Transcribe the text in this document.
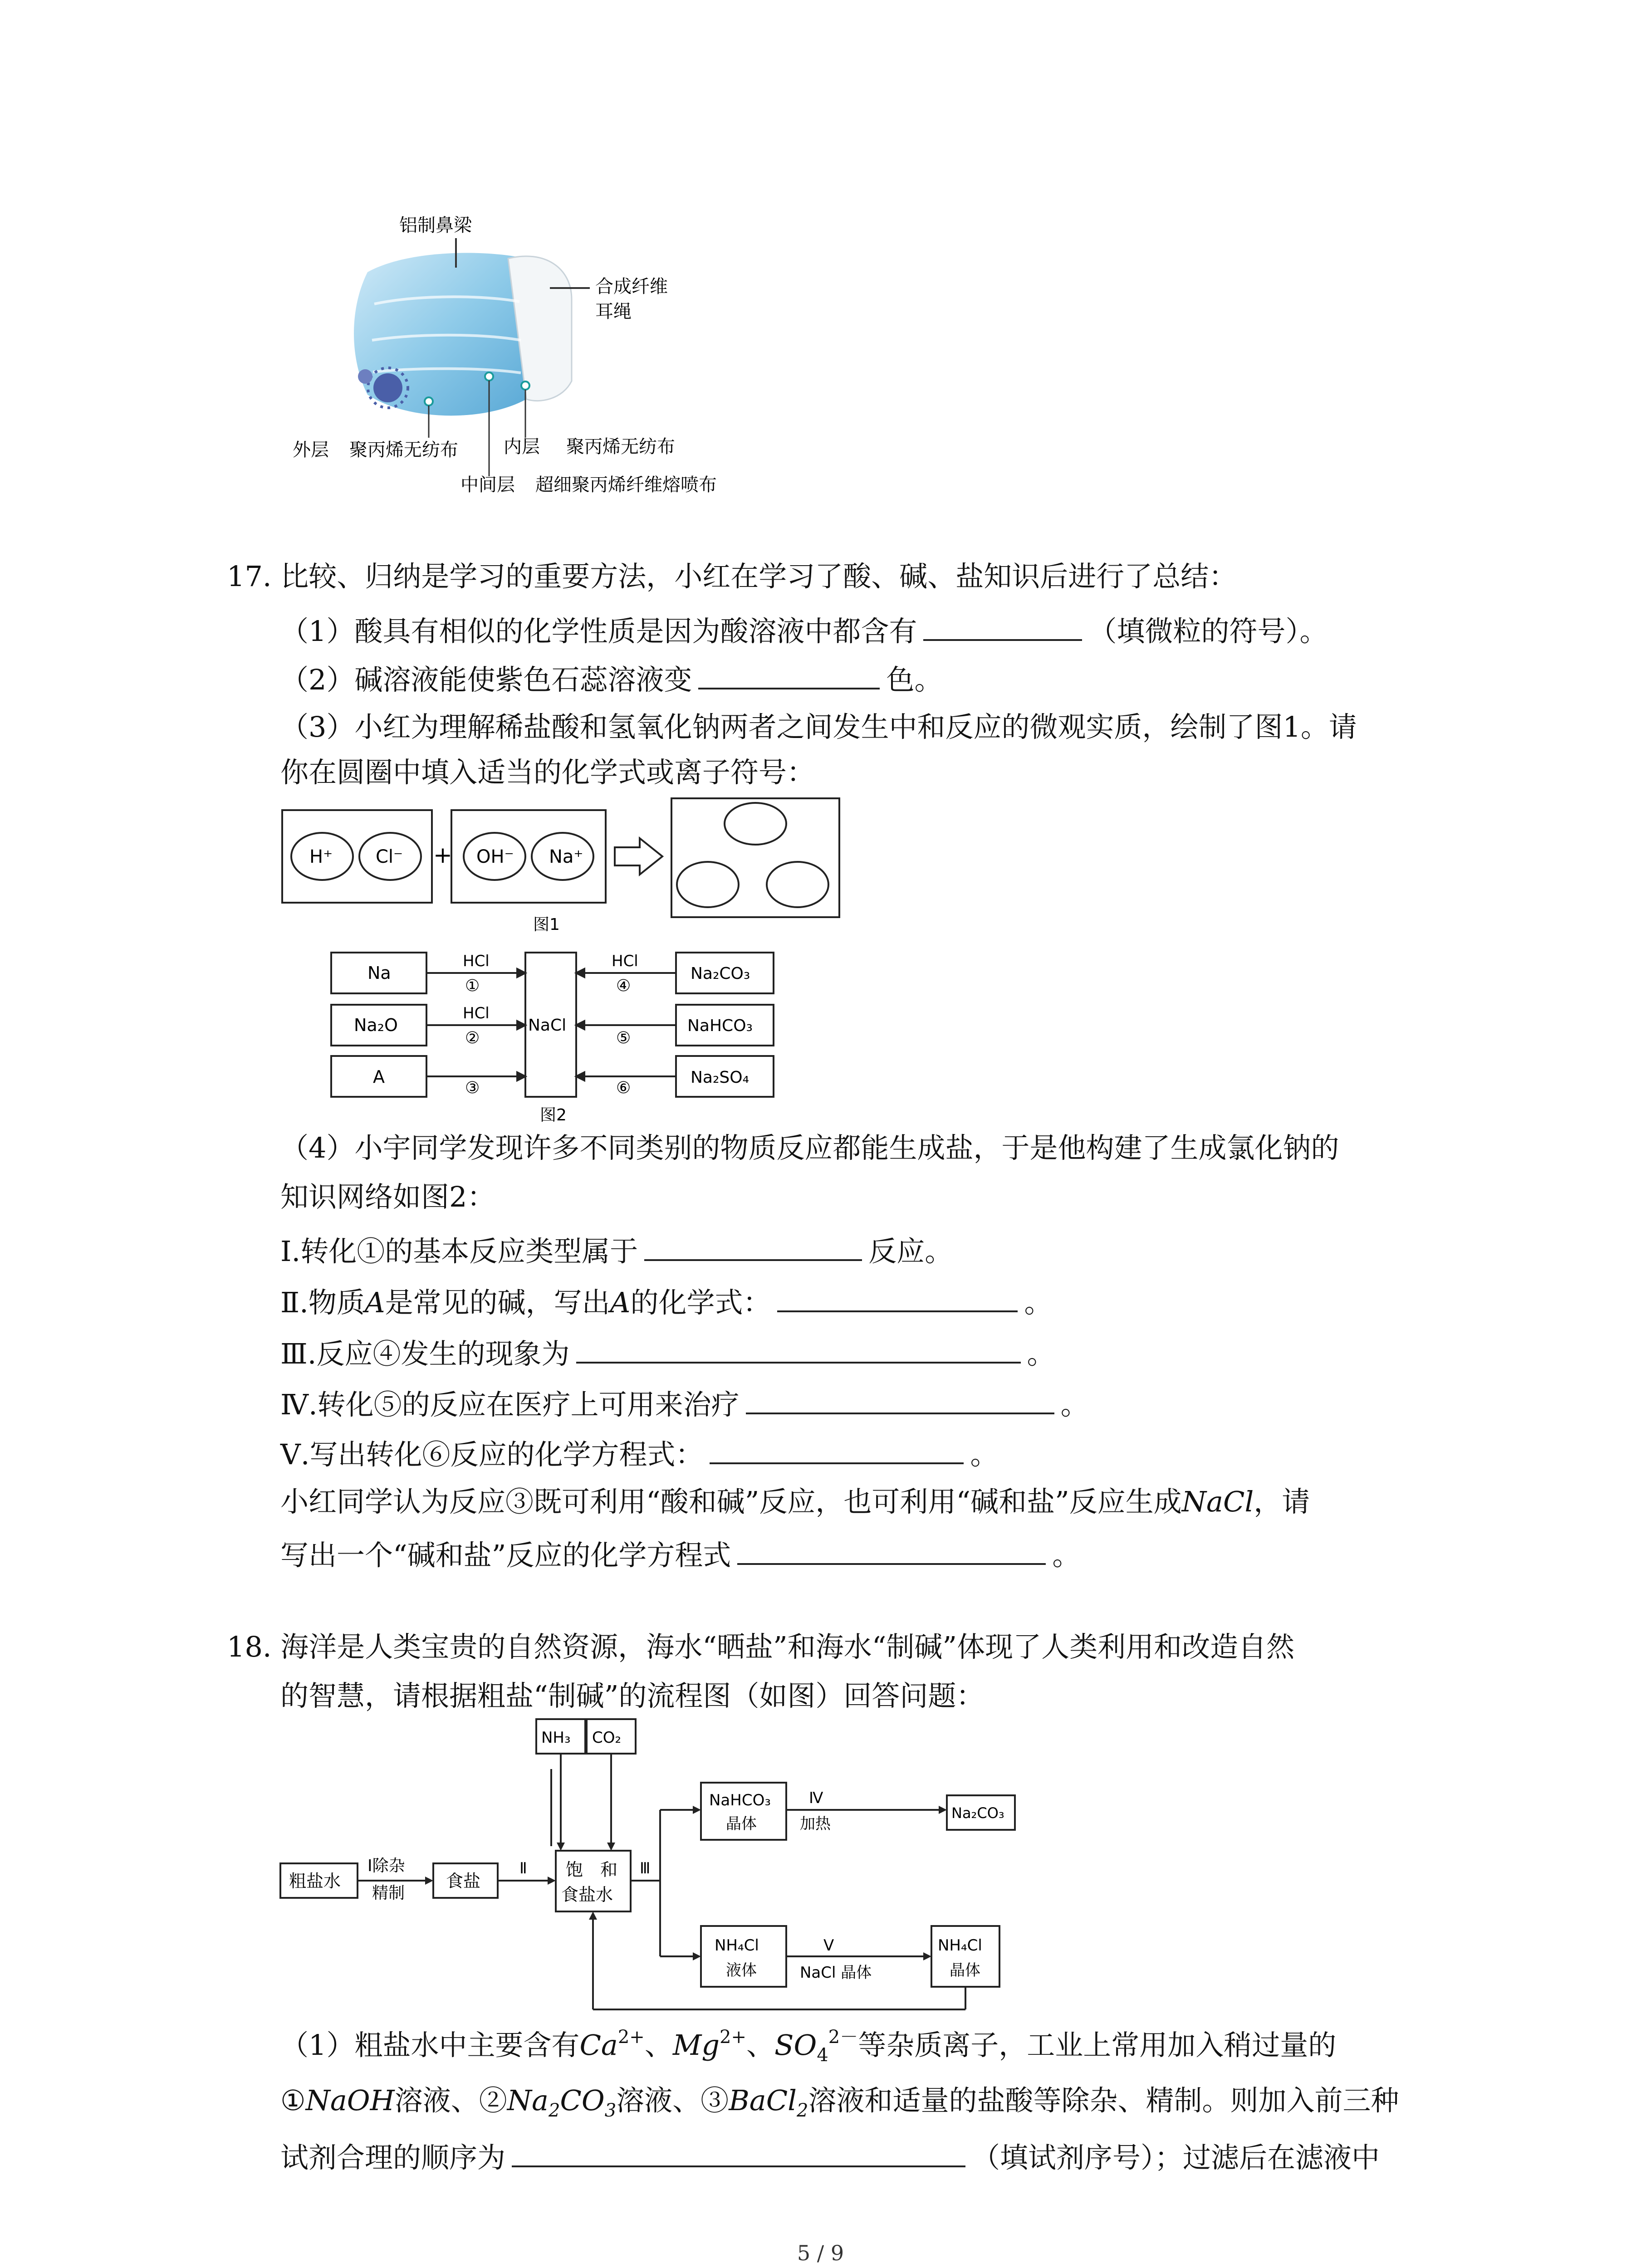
铝制鼻梁
合成纤维
耳绳
外层 聚丙烯无纺布	内层 聚丙烯无纺布
中间层 超细聚丙烯纤维熔喷布
17. 比较、归纳是学习的重要方法，小红在学习了酸、碱、盐知识后进行了总结：
（1）酸具有相似的化学性质是因为酸溶液中都含有	（填微粒的符号）。
（2）碱溶液能使紫色石蕊溶液变	色。
（3）小红为理解稀盐酸和氢氧化钠两者之间发生中和反应的微观实质，绘制了图1。请
你在圆圈中填入适当的化学式或离子符号：
H⁺ Cl⁻ + OH⁻ Na⁺
图1
Na
Na₂O
A
NaCl
Na₂CO₃
NaHCO₃
Na₂SO₄
HCl
①
HCl
②
③
HCl
④
⑤
⑥
图2
（4）小宇同学发现许多不同类别的物质反应都能生成盐，于是他构建了生成氯化钠的
知识网络如图2：
Ⅰ.转化①的基本反应类型属于	反应。
Ⅱ.物质A是常见的碱，写出A的化学式：	。
Ⅲ.反应④发生的现象为	。
Ⅳ.转化⑤的反应在医疗上可用来治疗	。
Ⅴ.写出转化⑥反应的化学方程式：	。
小红同学认为反应③既可利用“酸和碱”反应，也可利用“碱和盐”反应生成NaCl，请
写出一个“碱和盐”反应的化学方程式	。
18. 海洋是人类宝贵的自然资源，海水“晒盐”和海水“制碱”体现了人类利用和改造自然
的智慧，请根据粗盐“制碱”的流程图（如图）回答问题：
NH₃ CO₂
粗盐水
Ⅰ除杂
精制
食盐
Ⅱ 饱　和
食盐水
Ⅲ
NaHCO₃
晶体
Ⅳ
加热
Na₂CO₃
NH₄Cl
液体
Ⅴ
NaCl 晶体
NH₄Cl
晶体
（1）粗盐水中主要含有$Ca^{2+}$、$Mg^{2+}$、$SO_4^{2-}$等杂质离子，工业上常用加入稍过量的
①NaOH溶液、$②Na_2CO_3$溶液、③BaCl$_2$溶液和适量的盐酸等除杂、精制。则加入前三种
试剂合理的顺序为	（填试剂序号）；过滤后在滤液中
5 / 9
